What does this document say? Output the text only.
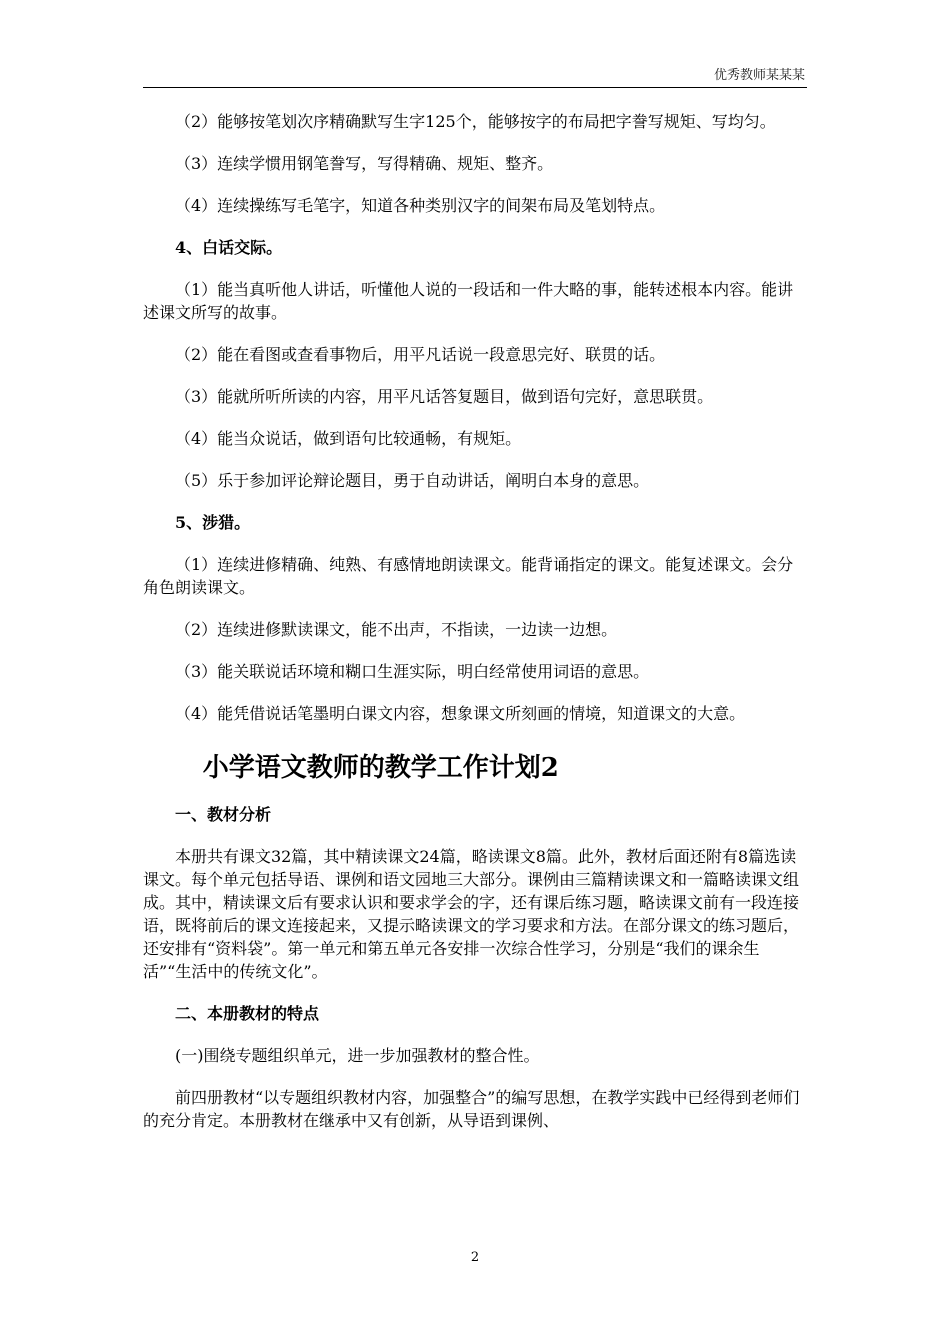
优秀教师某某某

（2）能够按笔划次序精确默写生字125个，能够按字的布局把字誊写规矩、写均匀。

（3）连续学惯用钢笔誊写，写得精确、规矩、整齐。

（4）连续操练写毛笔字，知道各种类别汉字的间架布局及笔划特点。

4、白话交际。

（1）能当真听他人讲话，听懂他人说的一段话和一件大略的事，能转述根本内容。能讲述课文所写的故事。

（2）能在看图或查看事物后，用平凡话说一段意思完好、联贯的话。

（3）能就所听所读的内容，用平凡话答复题目，做到语句完好，意思联贯。

（4）能当众说话，做到语句比较通畅，有规矩。

（5）乐于参加评论辩论题目，勇于自动讲话，阐明白本身的意思。

5、涉猎。

（1）连续进修精确、纯熟、有感情地朗读课文。能背诵指定的课文。能复述课文。会分角色朗读课文。

（2）连续进修默读课文，能不出声，不指读，一边读一边想。

（3）能关联说话环境和糊口生涯实际，明白经常使用词语的意思。

（4）能凭借说话笔墨明白课文内容，想象课文所刻画的情境，知道课文的大意。

小学语文教师的教学工作计划2

一、教材分析

本册共有课文32篇，其中精读课文24篇，略读课文8篇。此外，教材后面还附有8篇选读课文。每个单元包括导语、课例和语文园地三大部分。课例由三篇精读课文和一篇略读课文组成。其中，精读课文后有要求认识和要求学会的字，还有课后练习题，略读课文前有一段连接语，既将前后的课文连接起来，又提示略读课文的学习要求和方法。在部分课文的练习题后，还安排有“资料袋”。第一单元和第五单元各安排一次综合性学习，分别是“我们的课余生活”“生活中的传统文化”。

二、本册教材的特点

(一)围绕专题组织单元，进一步加强教材的整合性。

前四册教材“以专题组织教材内容，加强整合”的编写思想，在教学实践中已经得到老师们的充分肯定。本册教材在继承中又有创新，从导语到课例、

2
